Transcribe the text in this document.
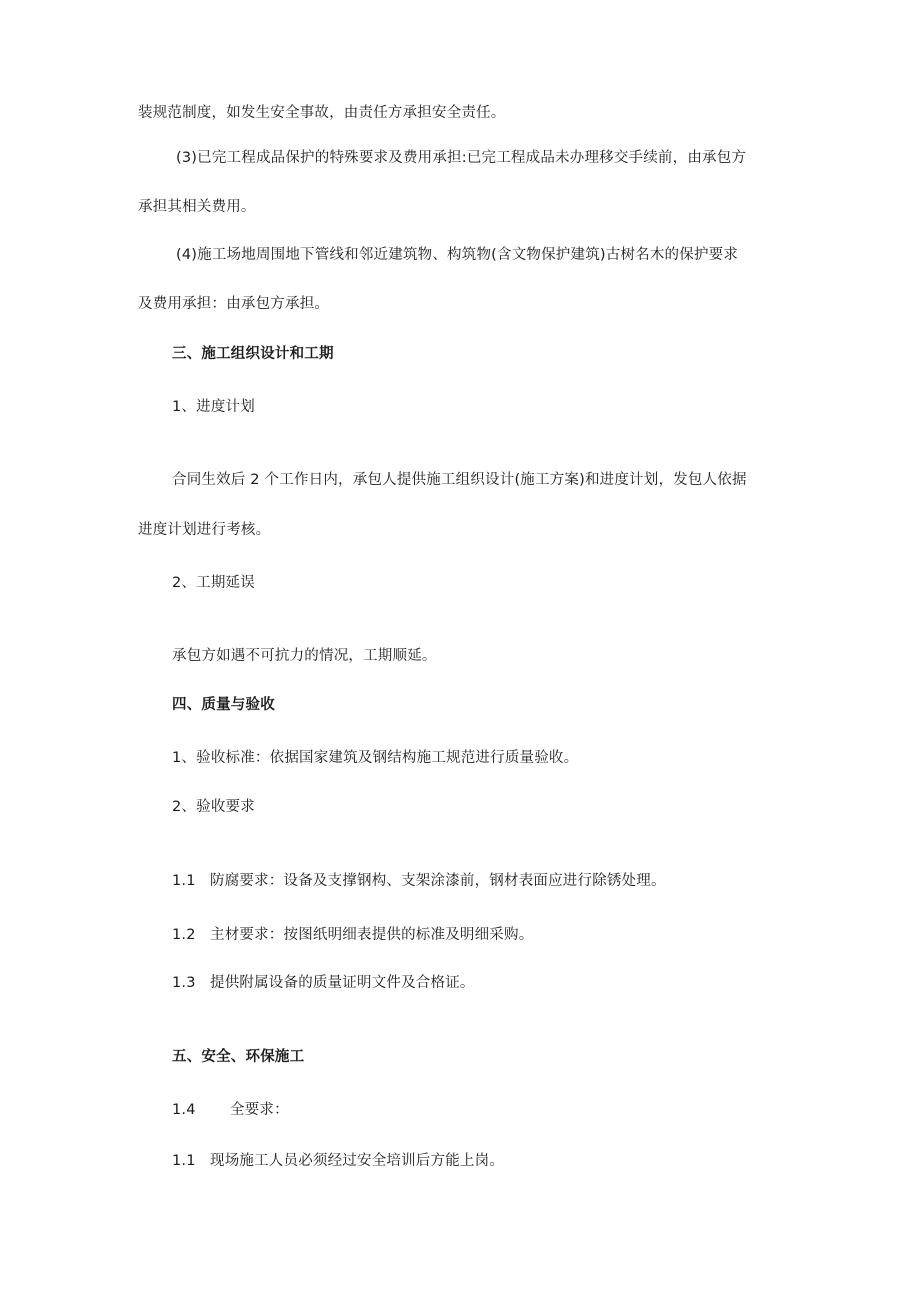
装规范制度，如发生安全事故，由责任方承担安全责任。
(3)已完工程成品保护的特殊要求及费用承担:已完工程成品未办理移交手续前，由承包方
承担其相关费用。
(4)施工场地周围地下管线和邻近建筑物、构筑物(含文物保护建筑)古树名木的保护要求
及费用承担：由承包方承担。
三、施工组织设计和工期
1、进度计划
合同生效后 2 个工作日内，承包人提供施工组织设计(施工方案)和进度计划，发包人依据
进度计划进行考核。
2、工期延误
承包方如遇不可抗力的情况，工期顺延。
四、质量与验收
1、验收标准：依据国家建筑及钢结构施工规范进行质量验收。
2、验收要求
1.1 防腐要求：设备及支撑钢构、支架涂漆前，钢材表面应进行除锈处理。
1.2 主材要求：按图纸明细表提供的标准及明细采购。
1.3 提供附属设备的质量证明文件及合格证。
五、安全、环保施工
1.4 全要求：
1.1 现场施工人员必须经过安全培训后方能上岗。
